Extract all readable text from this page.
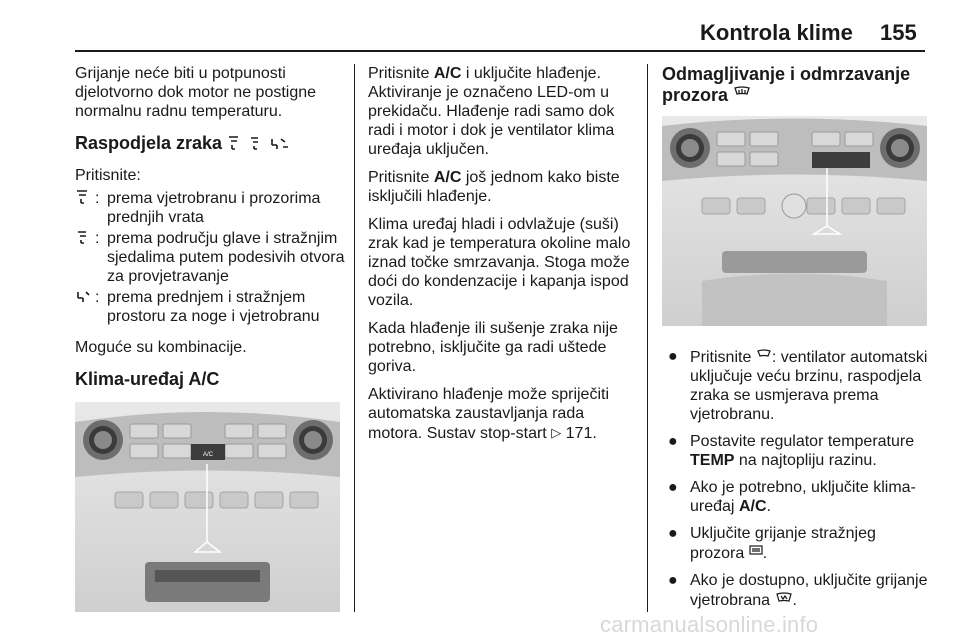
Kontrola klime 155

Grijanje neće biti u potpunosti djelotvorno dok motor ne postigne normalnu radnu temperaturu.

Raspodjela zraka

Pritisnite:

: prema vjetrobranu i prozorima prednjih vrata
: prema području glave i stražnjim sjedalima putem podesivih otvora za provjetravanje
: prema prednjem i stražnjem prostoru za noge i vjetrobranu

Moguće su kombinacije.

Klima-uređaj A/C
A/C

Pritisnite A/C i uključite hlađenje. Aktiviranje je označeno LED-om u prekidaču. Hlađenje radi samo dok radi i motor i dok je ventilator klima uređaja uključen.

Pritisnite A/C još jednom kako biste isključili hlađenje.

Klima uređaj hladi i odvlažuje (suši) zrak kad je temperatura okoline malo iznad točke smrzavanja. Stoga može doći do kondenzacije i kapanja ispod vozila.

Kada hlađenje ili sušenje zraka nije potrebno, isključite ga radi uštede goriva.

Aktivirano hlađenje može spriječiti automatska zaustavljanja rada motora. Sustav stop-start ▷ 171.

Odmagljivanje i odmrzavanje
prozora
● Pritisnite : ventilator automatski uključuje veću brzinu, raspodjela zraka se usmjerava prema vjetrobranu.
● Postavite regulator temperature TEMP na najtopliju razinu.
● Ako je potrebno, uključite klima-uređaj A/C.
● Uključite grijanje stražnjeg prozora .
● Ako je dostupno, uključite grijanje vjetrobrana .
carmanualsonline.info
